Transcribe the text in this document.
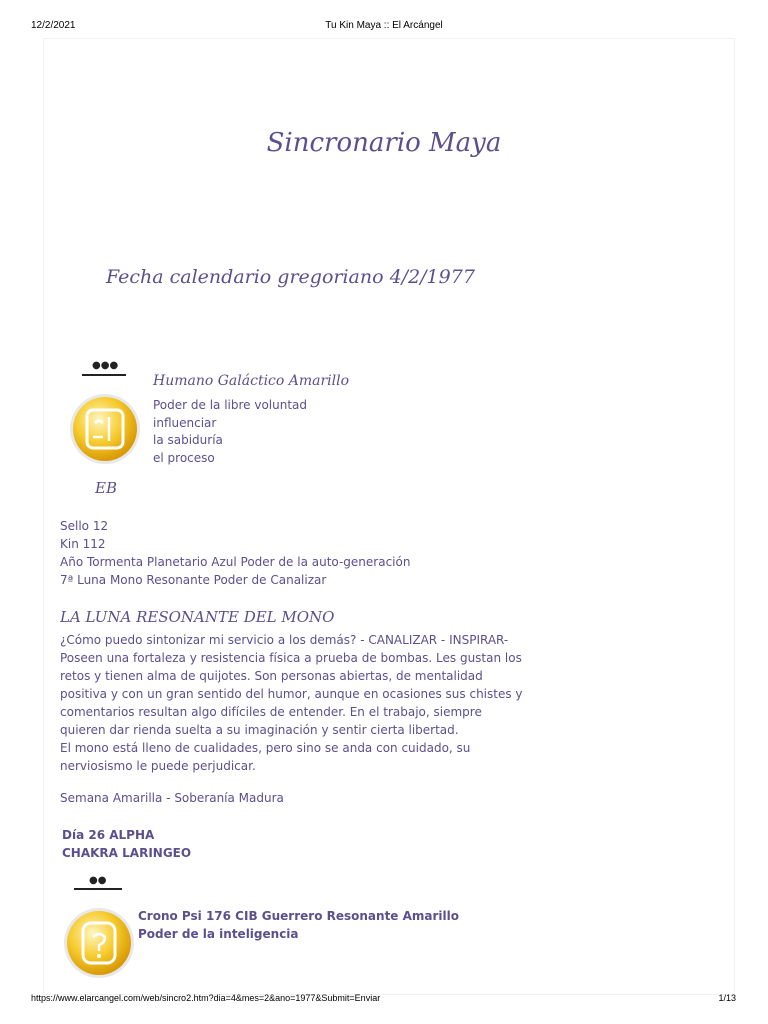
12/2/2021	Tu Kin Maya :: El Arcángel
Sincronario Maya
Fecha calendario gregoriano 4/2/1977
●●●
EB
Humano Galáctico Amarillo
Poder de la libre voluntad
influenciar
la sabiduría
el proceso
Sello 12
Kin 112
Año Tormenta Planetario Azul Poder de la auto-generación
7ª Luna Mono Resonante Poder de Canalizar
LA LUNA RESONANTE DEL MONO
¿Cómo puedo sintonizar mi servicio a los demás? - CANALIZAR - INSPIRAR-
Poseen una fortaleza y resistencia física a prueba de bombas. Les gustan los
retos y tienen alma de quijotes. Son personas abiertas, de mentalidad
positiva y con un gran sentido del humor, aunque en ocasiones sus chistes y
comentarios resultan algo difíciles de entender. En el trabajo, siempre
quieren dar rienda suelta a su imaginación y sentir cierta libertad.
El mono está lleno de cualidades, pero sino se anda con cuidado, su
nerviosismo le puede perjudicar.
Semana Amarilla - Soberanía Madura
Día 26 ALPHA
CHAKRA LARINGEO
●●
Crono Psi 176 CIB Guerrero Resonante Amarillo
Poder de la inteligencia
https://www.elarcangel.com/web/sincro2.htm?dia=4&mes=2&ano=1977&Submit=Enviar	1/13
